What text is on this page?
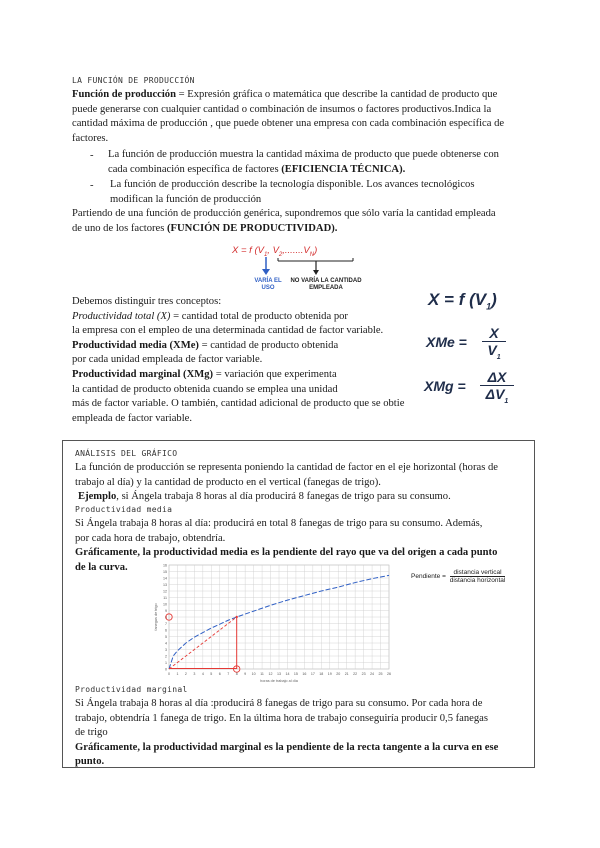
LA FUNCIÓN DE PRODUCCIÓN
Función de producción = Expresión gráfica o matemática que describe la cantidad de producto que
puede generarse con cualquier cantidad o combinación de insumos o factores productivos.Indica la
cantidad máxima de producción , que puede obtener una empresa con cada combinación específica de
factores.
- La función de producción muestra la cantidad máxima de producto que puede obtenerse con
cada combinación específica de factores (EFICIENCIA TÉCNICA).
- La función de producción describe la tecnología disponible. Los avances tecnológicos
modifican la función de producción
Partiendo de una función de producción genérica, supondremos que sólo varía la cantidad empleada
de uno de los factores (FUNCIÓN DE PRODUCTIVIDAD).
X = f ($V_1$, $V_2,.......V_N$)
VARÍA EL USO
NO VARÍA LA CANTIDAD EMPLEADA
Debemos distinguir tres conceptos:
Productividad total (X) = cantidad total de producto obtenida por
la empresa con el empleo de una determinada cantidad de factor variable.
Productividad media (XMe) = cantidad de producto obtenida
por cada unidad empleada de factor variable.
Productividad marginal (XMg) = variación que experimenta
la cantidad de producto obtenida cuando se emplea una unidad
más de factor variable. O también, cantidad adicional de producto que se obtie
empleada de factor variable.
X = f $(V_1)$
XMe =
X
$V_1$
XMg =
ΔX
$\Delta V_1$
ANÁLISIS DEL GRÁFICO
La función de producción se representa poniendo la cantidad de factor en el eje horizontal (horas de
trabajo al día) y la cantidad de producto en el vertical (fanegas de trigo).
Ejemplo, si Ángela trabaja 8 horas al día producirá 8 fanegas de trigo para su consumo.
Productividad media
Si Ángela trabaja 8 horas al día: producirá en total 8 fanegas de trigo para su consumo. Además,
por cada hora de trabajo, obtendría.
Gráficamente, la productividad media es la pendiente del rayo que va del origen a cada punto
de la curva.
Pendiente =
distancia vertical
distancia horizontal
0 1 2 3 4 5 6 7 8 9 10 11 12 13 14 15 16 17 18 19 20 21 22 23 24 25 26
0
1
2
3
4
5
6
7
8
9
10
11
12
13
14
15
16
horas de trabajo al día
fanegas de trigo
Productividad marginal
Si Ángela trabaja 8 horas al día :producirá 8 fanegas de trigo para su consumo. Por cada hora de
trabajo, obtendría 1 fanega de trigo. En la última hora de trabajo conseguiría producir 0,5 fanegas
de trigo
Gráficamente, la productividad marginal es la pendiente de la recta tangente a la curva en ese
punto.
